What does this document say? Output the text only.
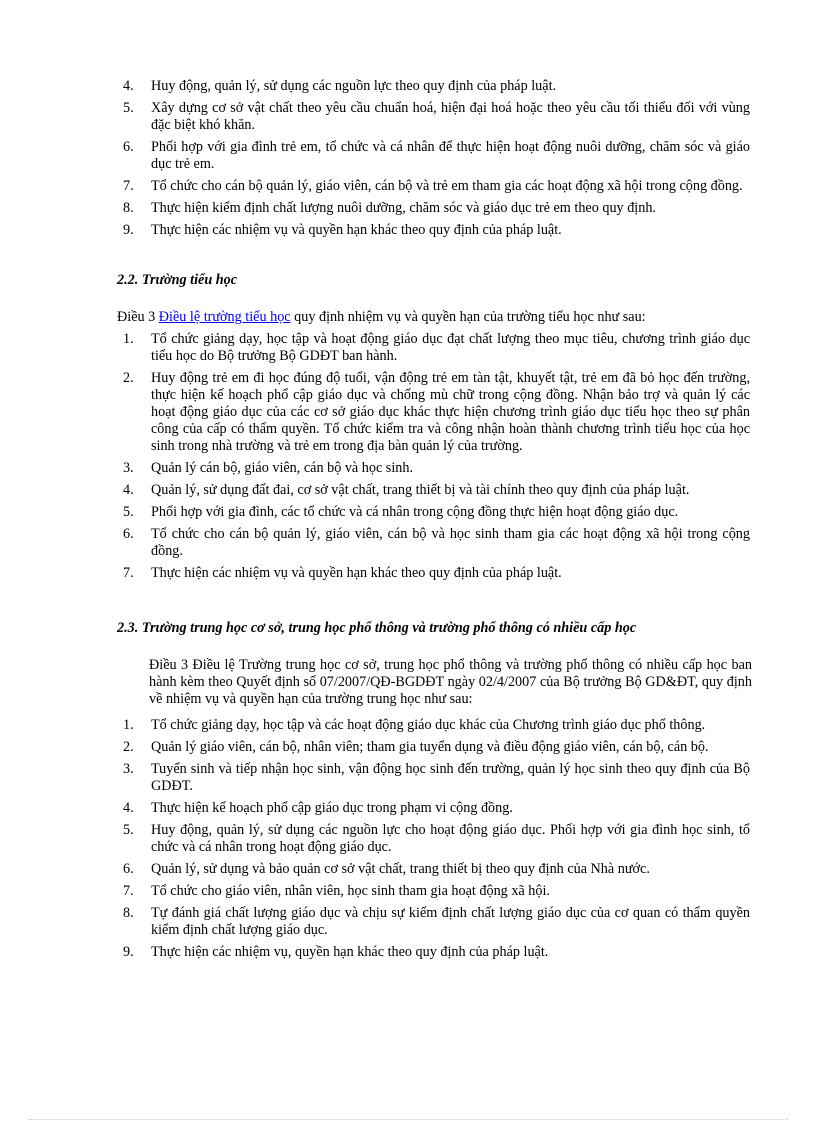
4. Huy động, quản lý, sử dụng các nguồn lực theo quy định của pháp luật.
5. Xây dựng cơ sở vật chất theo yêu cầu chuẩn hoá, hiện đại hoá hoặc theo yêu cầu tối thiểu đối với vùng đặc biệt khó khăn.
6. Phối hợp với gia đình trẻ em, tổ chức và cá nhân để thực hiện hoạt động nuôi dưỡng, chăm sóc và giáo dục trẻ em.
7. Tổ chức cho cán bộ quản lý, giáo viên, cán bộ và trẻ em tham gia các hoạt động xã hội trong cộng đồng.
8. Thực hiện kiểm định chất lượng nuôi dưỡng, chăm sóc và giáo dục trẻ em theo quy định.
9. Thực hiện các nhiệm vụ và quyền hạn khác theo quy định của pháp luật.
2.2. Trường tiểu học
Điều 3 Điều lệ trường tiểu học quy định nhiệm vụ và quyền hạn của trường tiểu học như sau:
1. Tổ chức giảng dạy, học tập và hoạt động giáo dục đạt chất lượng theo mục tiêu, chương trình giáo dục tiểu học do Bộ trưởng Bộ GDĐT ban hành.
2. Huy động trẻ em đi học đúng độ tuổi, vận động trẻ em tàn tật, khuyết tật, trẻ em đã bỏ học đến trường, thực hiện kế hoạch phổ cập giáo dục và chống mù chữ trong cộng đồng. Nhận bảo trợ và quản lý các hoạt động giáo dục của các cơ sở giáo dục khác thực hiện chương trình giáo dục tiểu học theo sự phân công của cấp có thẩm quyền. Tổ chức kiểm tra và công nhận hoàn thành chương trình tiểu học của học sinh trong nhà trường và trẻ em trong địa bàn quản lý của trường.
3. Quản lý cán bộ, giáo viên, cán bộ và học sinh.
4. Quản lý, sử dụng đất đai, cơ sở vật chất, trang thiết bị và tài chính theo quy định của pháp luật.
5. Phối hợp với gia đình, các tổ chức và cá nhân trong cộng đồng thực hiện hoạt động giáo dục.
6. Tổ chức cho cán bộ quản lý, giáo viên, cán bộ và học sinh tham gia các hoạt động xã hội trong cộng đồng.
7. Thực hiện các nhiệm vụ và quyền hạn khác theo quy định của pháp luật.
2.3. Trường trung học cơ sở, trung học phổ thông và trường phổ thông có nhiều cấp học
Điều 3 Điều lệ Trường trung học cơ sở, trung học phổ thông và trường phổ thông có nhiều cấp học ban hành kèm theo Quyết định số 07/2007/QĐ-BGDĐT ngày 02/4/2007 của Bộ trưởng Bộ GD&ĐT, quy định về nhiệm vụ và quyền hạn của trường trung học như sau:
1. Tổ chức giảng dạy, học tập và các hoạt động giáo dục khác của Chương trình giáo dục phổ thông.
2. Quản lý giáo viên, cán bộ, nhân viên; tham gia tuyển dụng và điều động giáo viên, cán bộ, cán bộ.
3. Tuyển sinh và tiếp nhận học sinh, vận động học sinh đến trường, quản lý học sinh theo quy định của Bộ GDĐT.
4. Thực hiện kế hoạch phổ cập giáo dục trong phạm vi cộng đồng.
5. Huy động, quản lý, sử dụng các nguồn lực cho hoạt động giáo dục. Phối hợp với gia đình học sinh, tổ chức và cá nhân trong hoạt động giáo dục.
6. Quản lý, sử dụng và bảo quản cơ sở vật chất, trang thiết bị theo quy định của Nhà nước.
7. Tổ chức cho giáo viên, nhân viên, học sinh tham gia hoạt động xã hội.
8. Tự đánh giá chất lượng giáo dục và chịu sự kiểm định chất lượng giáo dục của cơ quan có thẩm quyền kiểm định chất lượng giáo dục.
9. Thực hiện các nhiệm vụ, quyền hạn khác theo quy định của pháp luật.
